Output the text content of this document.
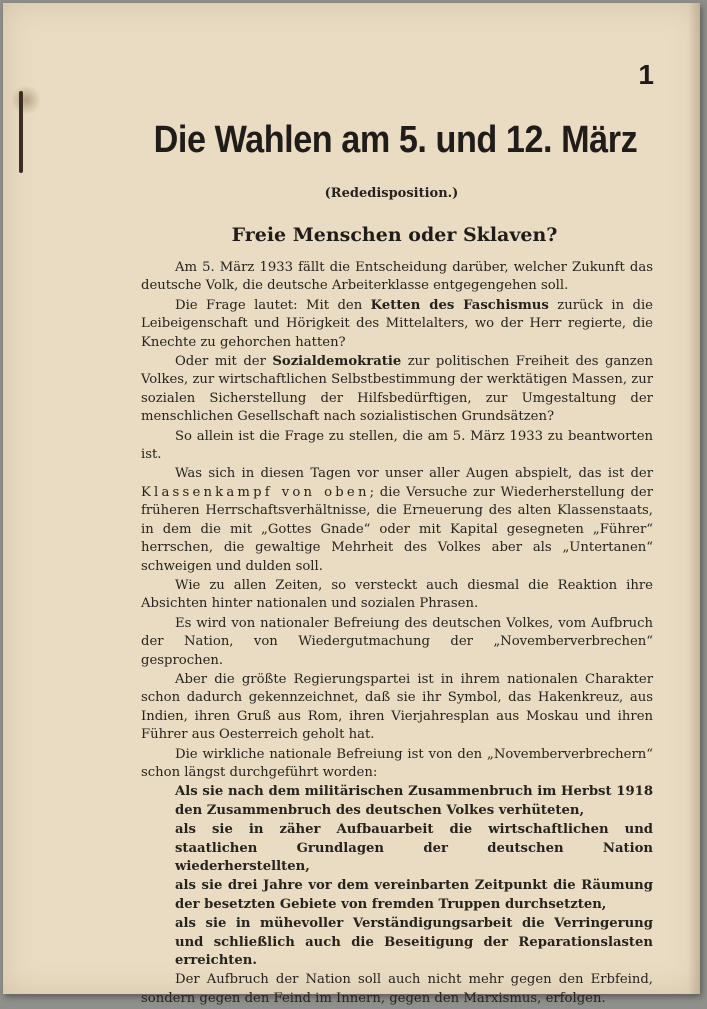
1
Die Wahlen am 5. und 12. März
(Rededisposition.)
Freie Menschen oder Sklaven?

Am 5. März 1933 fällt die Entscheidung darüber, welcher Zukunft das deutsche Volk, die deutsche Arbeiterklasse entgegengehen soll.

Die Frage lautet: Mit den Ketten des Faschismus zurück in die Leibeigenschaft und Hörigkeit des Mittelalters, wo der Herr regierte, die Knechte zu gehorchen hatten?

Oder mit der Sozialdemokratie zur politischen Freiheit des ganzen Volkes, zur wirtschaftlichen Selbstbestimmung der werktätigen Massen, zur sozialen Sicherstellung der Hilfsbedürftigen, zur Umgestaltung der menschlichen Gesellschaft nach sozialistischen Grundsätzen?

So allein ist die Frage zu stellen, die am 5. März 1933 zu beantworten ist.

Was sich in diesen Tagen vor unser aller Augen abspielt, das ist der Klassenkampf von oben; die Versuche zur Wiederherstellung der früheren Herrschaftsverhältnisse, die Erneuerung des alten Klassenstaats, in dem die mit „Gottes Gnade“ oder mit Kapital gesegneten „Führer“ herrschen, die gewaltige Mehrheit des Volkes aber als „Untertanen“ schweigen und dulden soll.

Wie zu allen Zeiten, so versteckt auch diesmal die Reaktion ihre Absichten hinter nationalen und sozialen Phrasen.

Es wird von nationaler Befreiung des deutschen Volkes, vom Aufbruch der Nation, von Wiedergutmachung der „Novemberverbrechen“ gesprochen.

Aber die größte Regierungspartei ist in ihrem nationalen Charakter schon dadurch gekennzeichnet, daß sie ihr Symbol, das Hakenkreuz, aus Indien, ihren Gruß aus Rom, ihren Vierjahresplan aus Moskau und ihren Führer aus Oesterreich geholt hat.

Die wirkliche nationale Befreiung ist von den „Novemberverbrechern“ schon längst durchgeführt worden:

Als sie nach dem militärischen Zusammenbruch im Herbst 1918 den Zusammenbruch des deutschen Volkes verhüteten,

als sie in zäher Aufbauarbeit die wirtschaftlichen und staatlichen Grundlagen der deutschen Nation wiederherstellten,

als sie drei Jahre vor dem vereinbarten Zeitpunkt die Räumung der besetzten Gebiete von fremden Truppen durchsetzten,

als sie in mühevoller Verständigungsarbeit die Verringerung und schließlich auch die Beseitigung der Reparationslasten erreichten.

Der Aufbruch der Nation soll auch nicht mehr gegen den Erbfeind, sondern gegen den Feind im Innern, gegen den Marxismus, erfolgen.
